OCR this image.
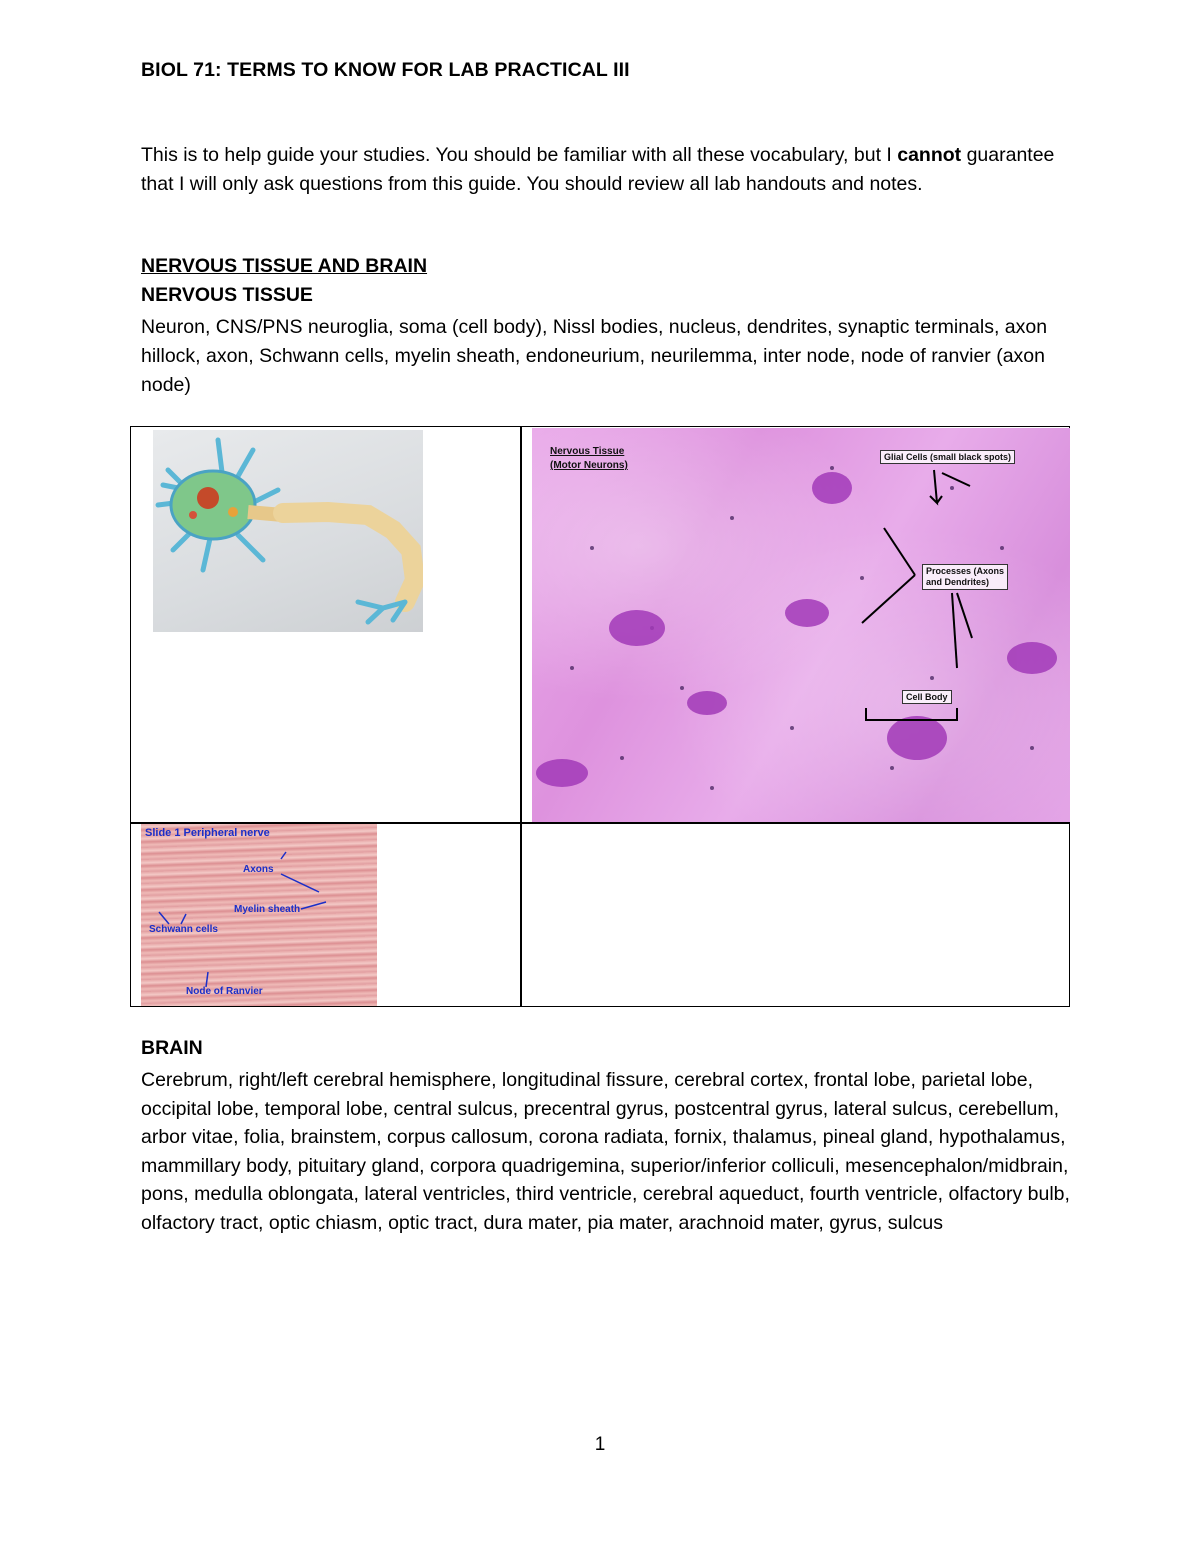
BIOL 71: TERMS TO KNOW FOR LAB PRACTICAL III
This is to help guide your studies. You should be familiar with all these vocabulary, but I cannot guarantee that I will only ask questions from this guide. You should review all lab handouts and notes.
NERVOUS TISSUE AND BRAIN
NERVOUS TISSUE
Neuron, CNS/PNS neuroglia, soma (cell body), Nissl bodies, nucleus, dendrites, synaptic terminals, axon hillock, axon, Schwann cells, myelin sheath, endoneurium, neurilemma, inter node, node of ranvier (axon node)
Nervous Tissue
(Motor Neurons)
Glial Cells (small black spots)
Processes (Axons
and Dendrites)
Cell Body
Slide 1 Peripheral nerve
Axons
Myelin sheath
Schwann cells
Node of Ranvier
BRAIN
Cerebrum, right/left cerebral hemisphere, longitudinal fissure, cerebral cortex, frontal lobe, parietal lobe, occipital lobe, temporal lobe, central sulcus, precentral gyrus, postcentral gyrus, lateral sulcus, cerebellum, arbor vitae, folia, brainstem, corpus callosum, corona radiata, fornix, thalamus, pineal gland, hypothalamus, mammillary body, pituitary gland, corpora quadrigemina, superior/inferior colliculi, mesencephalon/midbrain, pons, medulla oblongata, lateral ventricles, third ventricle, cerebral aqueduct, fourth ventricle, olfactory bulb, olfactory tract, optic chiasm, optic tract, dura mater, pia mater, arachnoid mater, gyrus, sulcus
1
